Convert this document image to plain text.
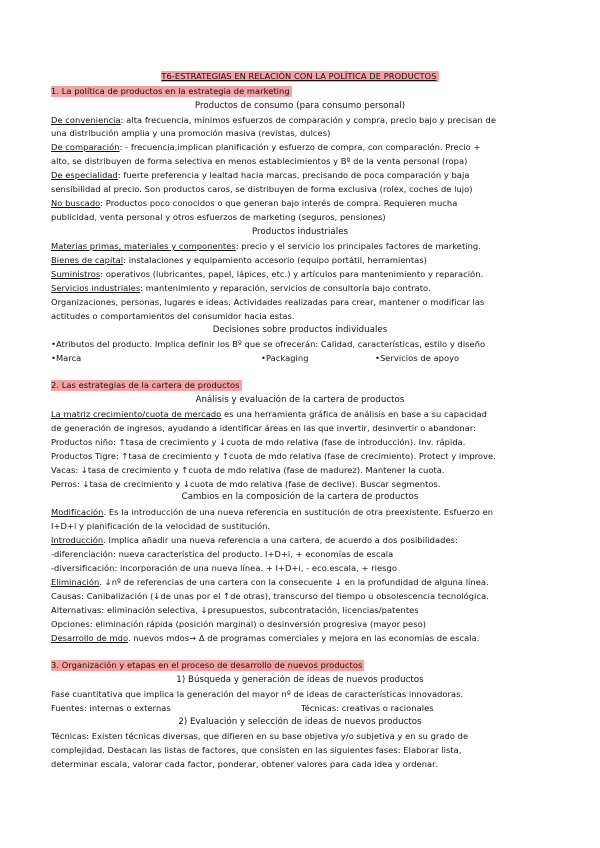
T6-ESTRATEGIAS EN RELACIÓN CON LA POLÍTICA DE PRODUCTOS
1. La política de productos en la estrategia de marketing
Productos de consumo (para consumo personal)
De conveniencia: alta frecuencia, mínimos esfuerzos de comparación y compra, precio bajo y precisan de
una distribución amplia y una promoción masiva (revistas, dulces)
De comparación: - frecuencia,implican planificación y esfuerzo de compra, con comparación. Precio +
alto, se distribuyen de forma selectiva en menos establecimientos y Bº de la venta personal (ropa)
De especialidad: fuerte preferencia y lealtad hacia marcas, precisando de poca comparación y baja
sensibilidad al precio. Son productos caros, se distribuyen de forma exclusiva (rolex, coches de lujo)
No buscado: Productos poco conocidos o que generan bajo interés de compra. Requieren mucha
publicidad, venta personal y otros esfuerzos de marketing (seguros, pensiones)
Productos industriales
Materias primas, materiales y componentes: precio y el servicio los principales factores de marketing.
Bienes de capital: instalaciones y equipamiento accesorio (equipo portátil, herramientas)
Suministros: operativos (lubricantes, papel, lápices, etc.) y artículos para mantenimiento y reparación.
Servicios industriales: mantenimiento y reparación, servicios de consultoría bajo contrato.
Organizaciones, personas, lugares e ideas. Actividades realizadas para crear, mantener o modificar las
actitudes o comportamientos del consumidor hacia estas.
Decisiones sobre productos individuales
•Atributos del producto. Implica definir los Bº que se ofrecerán: Calidad, características, estilo y diseño
•Marca	•Packaging	•Servicios de apoyo
2. Las estrategias de la cartera de productos
Análisis y evaluación de la cartera de productos
La matriz crecimiento/cuota de mercado es una herramienta gráfica de análisis en base a su capacidad
de generación de ingresos, ayudando a identificar áreas en las que invertir, desinvertir o abandonar:
Productos niño: ↑tasa de crecimiento y ↓cuota de mdo relativa (fase de introducción). Inv. rápida.
Productos Tigre: ↑tasa de crecimiento y ↑cuota de mdo relativa (fase de crecimiento). Protect y improve.
Vacas: ↓tasa de crecimiento y ↑cuota de mdo relativa (fase de madurez). Mantener la cuota.
Perros: ↓tasa de crecimiento y ↓cuota de mdo relativa (fase de declive). Buscar segmentos.
Cambios en la composición de la cartera de productos
Modificación. Es la introducción de una nueva referencia en sustitución de otra preexistente. Esfuerzo en
I+D+i y planificación de la velocidad de sustitución.
Introducción. Implica añadir una nueva referencia a una cartera, de acuerdo a dos posibilidades:
-diferenciación: nueva característica del producto. I+D+i, + economías de escala
-diversificación: incorporación de una nueva línea. + I+D+i, - eco.escala, + riesgo
Eliminación. ↓nº de referencias de una cartera con la consecuente ↓ en la profundidad de alguna línea.
Causas: Canibalización (↓de unas por el ↑de otras), transcurso del tiempo u obsolescencia tecnológica.
Alternativas: eliminación selectiva, ↓presupuestos, subcontratación, licencias/patentes
Opciones: eliminación rápida (posición marginal) o desinversión progresiva (mayor peso)
Desarrollo de mdo. nuevos mdos→ Δ de programas comerciales y mejora en las economías de escala.
3. Organización y etapas en el proceso de desarrollo de nuevos productos
1) Búsqueda y generación de ideas de nuevos productos
Fase cuantitativa que implica la generación del mayor nº de ideas de características innovadoras.
Fuentes: internas o externas	Técnicas: creativas o racionales
2) Evaluación y selección de ideas de nuevos productos
Técnicas: Existen técnicas diversas, que difieren en su base objetiva y/o subjetiva y en su grado de
complejidad. Destacan las listas de factores, que consisten en las siguientes fases: Elaborar lista,
determinar escala, valorar cada factor, ponderar, obtener valores para cada idea y ordenar.
